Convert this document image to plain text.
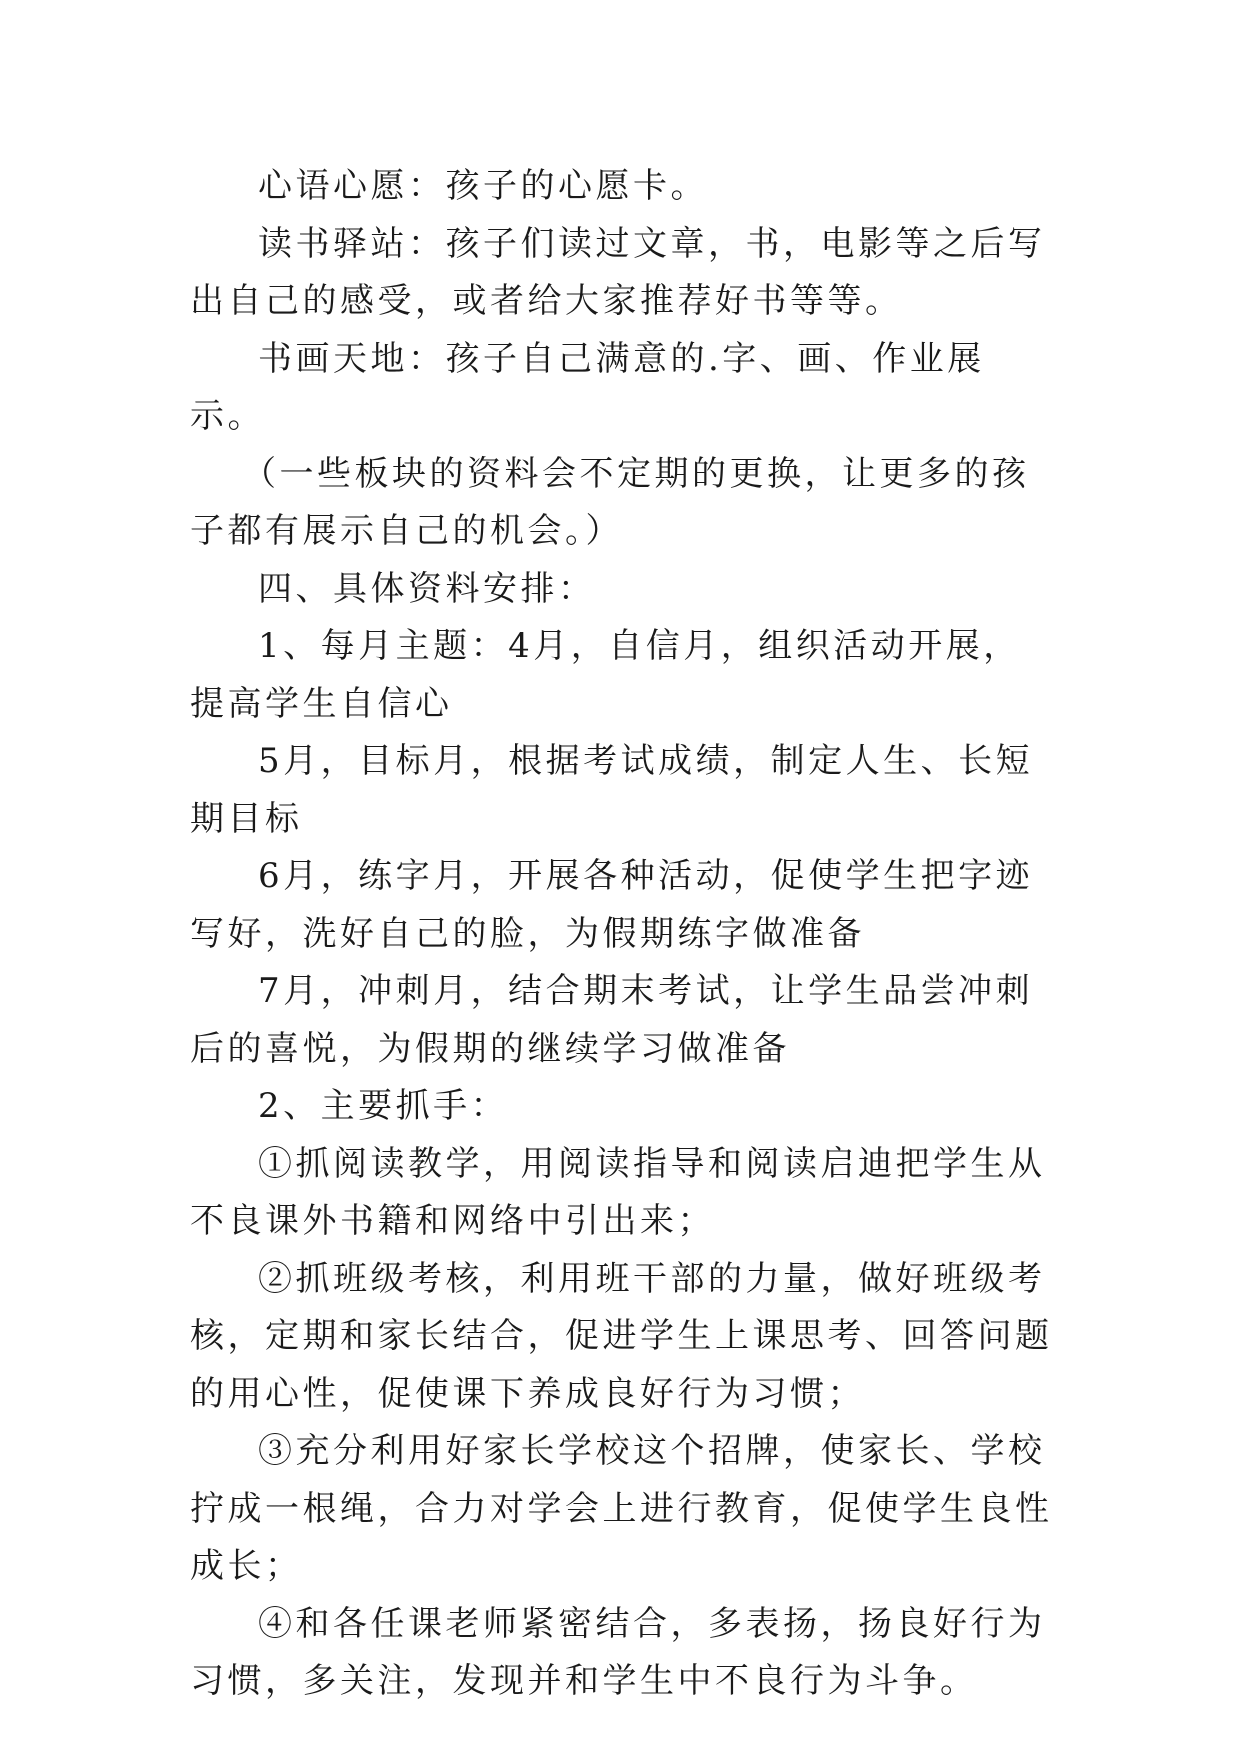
心语心愿：孩子的心愿卡。

读书驿站：孩子们读过文章，书，电影等之后写出自己的感受，或者给大家推荐好书等等。

书画天地：孩子自己满意的.字、画、作业展示。

（一些板块的资料会不定期的更换，让更多的孩子都有展示自己的机会。）

四、具体资料安排：

1、每月主题：4月，自信月，组织活动开展，提高学生自信心

5月，目标月，根据考试成绩，制定人生、长短期目标

6月，练字月，开展各种活动，促使学生把字迹写好，洗好自己的脸，为假期练字做准备

7月，冲刺月，结合期末考试，让学生品尝冲刺后的喜悦，为假期的继续学习做准备

2、主要抓手：

①抓阅读教学，用阅读指导和阅读启迪把学生从不良课外书籍和网络中引出来；

②抓班级考核，利用班干部的力量，做好班级考核，定期和家长结合，促进学生上课思考、回答问题的用心性，促使课下养成良好行为习惯；

③充分利用好家长学校这个招牌，使家长、学校拧成一根绳，合力对学会上进行教育，促使学生良性成长；

④和各任课老师紧密结合，多表扬，扬良好行为习惯，多关注，发现并和学生中不良行为斗争。
